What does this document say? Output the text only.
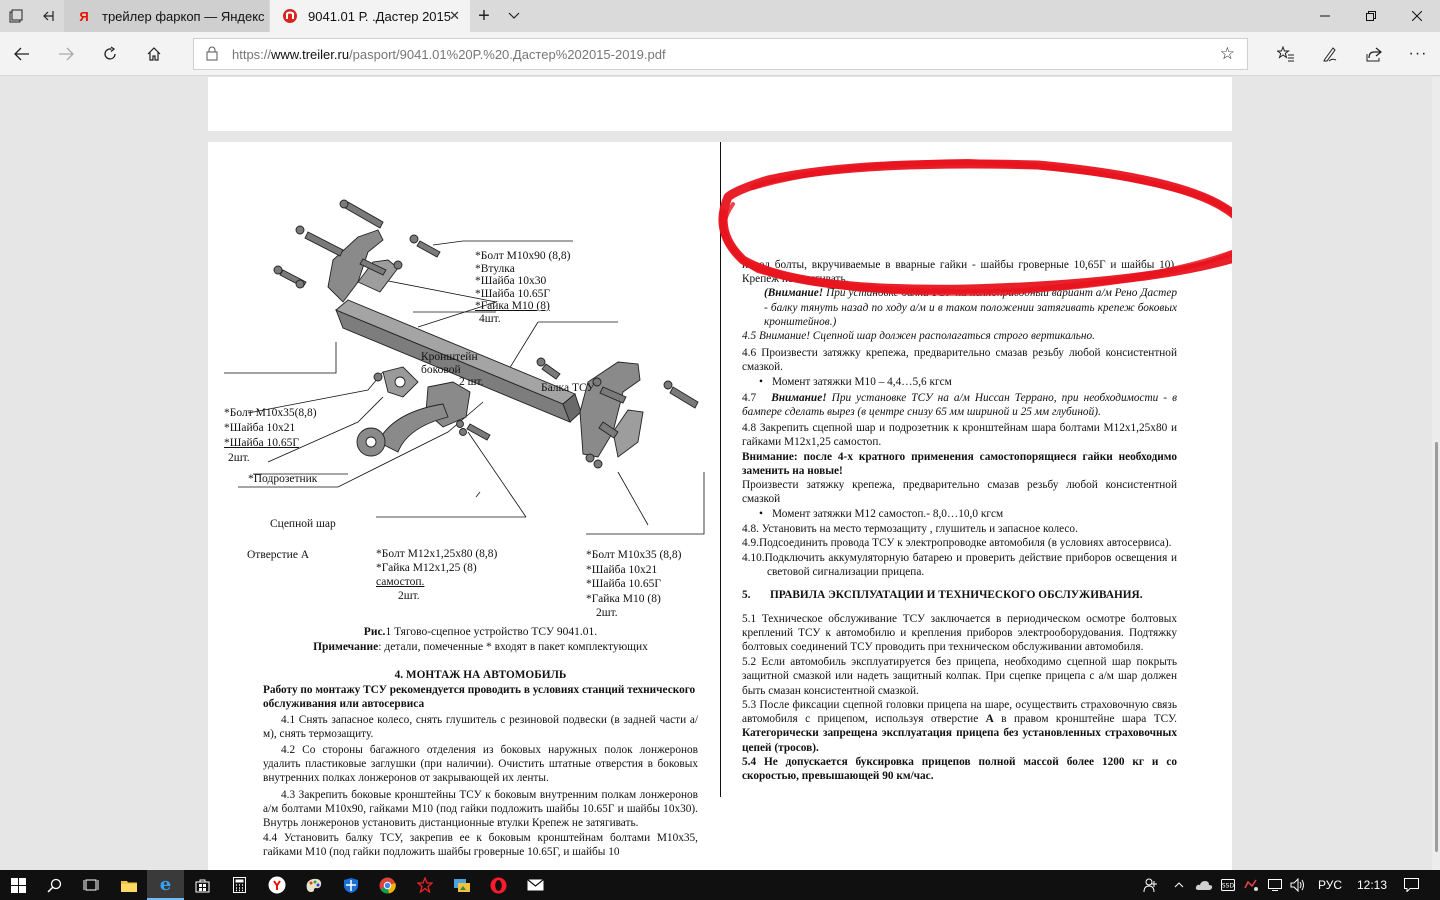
Я трейлер фаркоп — Яндекс	9041.01 Р. .Дастер 2015
✕ +
https://www.treiler.ru/pasport/9041.01%20P.%20.Дастер%202015-2019.pdf	☆	···
*Болт М10х90 (8,8)
*Втулка
*Шайба 10х30
*Шайба 10.65Г
*Гайка М10 (8)
4шт.
Кронштейн
боковой
2 шт.	Балка ТСУ
*Болт М10х35(8,8)
*Шайба 10х21
*Шайба 10.65Г
2шт.
*Подрозетник
Сцепной шар
Отверстие А	*Болт М12х1,25х80 (8,8)
*Гайка М12х1,25 (8)
самостоп.
2шт.
*Болт М10х35 (8,8)
*Шайба 10х21
*Шайба 10.65Г
*Гайка М10 (8)
2шт.
Рис.1 Тягово-сцепное устройство ТСУ 9041.01.
Примечание: детали, помеченные * входят в пакет комплектующих
4. МОНТАЖ НА АВТОМОБИЛЬ
Работу по монтажу ТСУ рекомендуется проводить в условиях станций технического обслуживания или автосервиса
4.1 Снять запасное колесо, снять глушитель с резиновой подвески (в задней части а/м), снять термозащиту.
4.2 Со стороны багажного отделения из боковых наружных полок лонжеронов удалить пластиковые заглушки (при наличии). Очистить штатные отверстия в боковых внутренних полках лонжеронов от закрывающей их ленты.
4.3 Закрепить боковые кронштейны ТСУ к боковым внутренним полкам лонжеронов а/м болтами М10х90, гайками М10 (под гайки подложить шайбы 10.65Г и шайбы 10х30). Внутрь лонжеронов установить дистанционные втулки Крепеж не затягивать.
4.4 Установить балку ТСУ, закрепив ее к боковым кронштейнам болтами М10х35, гайками М10 (под гайки подложить шайбы гроверные 10.65Г, и шайбы 10
и под болты, вкручиваемые в вварные гайки - шайбы гроверные 10,65Г и шайбы 10). Крепеж не затягивать.
(Внимание! При установке балки ТСУ на полноприводный вариант а/м Рено Дастер - балку тянуть назад по ходу а/м и в таком положении затягивать крепеж боковых кронштейнов.)
4.5 Внимание! Сцепной шар должен располагаться строго вертикально.
4.6 Произвести затяжку крепежа, предварительно смазав резьбу любой консистентной смазкой.
• Момент затяжки М10 – 4,4…5,6 кгсм
4.7 Внимание! При установке ТСУ на а/м Ниссан Террано, при необходимости - в бампере сделать вырез (в центре снизу 65 мм шириной и 25 мм глубиной).
4.8 Закрепить сцепной шар и подрозетник к кронштейнам шара болтами М12х1,25х80 и гайками М12х1,25 самостоп.
Внимание: после 4-х кратного применения самостопорящиеся гайки необходимо заменить на новые!
Произвести затяжку крепежа, предварительно смазав резьбу любой консистентной смазкой
• Момент затяжки М12 самостоп.- 8,0…10,0 кгсм
4.8. Установить на место термозащиту , глушитель и запасное колесо.
4.9.Подсоединить провода ТСУ к электропроводке автомобиля (в условиях автосервиса).
4.10.Подключить аккумуляторную батарею и проверить действие приборов освещения и световой сигнализации прицепа.
5.	ПРАВИЛА ЭКСПЛУАТАЦИИ И ТЕХНИЧЕСКОГО ОБСЛУЖИВАНИЯ.
5.1 Техническое обслуживание ТСУ заключается в периодическом осмотре болтовых креплений ТСУ к автомобилю и крепления приборов электрооборудования. Подтяжку болтовых соединений ТСУ проводить при техническом обслуживании автомобиля.
5.2 Если автомобиль эксплуатируется без прицепа, необходимо сцепной шар покрыть защитной смазкой или надеть защитный колпак. При сцепке прицепа с а/м шар должен быть смазан консистентной смазкой.
5.3 После фиксации сцепной головки прицепа на шаре, осуществить страховочную связь автомобиля с прицепом, используя отверстие А в правом кронштейне шара ТСУ. Категорически запрещена эксплуатация прицепа без установленных страховочных цепей (тросов).
5.4 Не допускается буксировка прицепов полной массой более 1200 кг и со скоростью, превышающей 90 км/час.
e	SSD	РУС	12:13
